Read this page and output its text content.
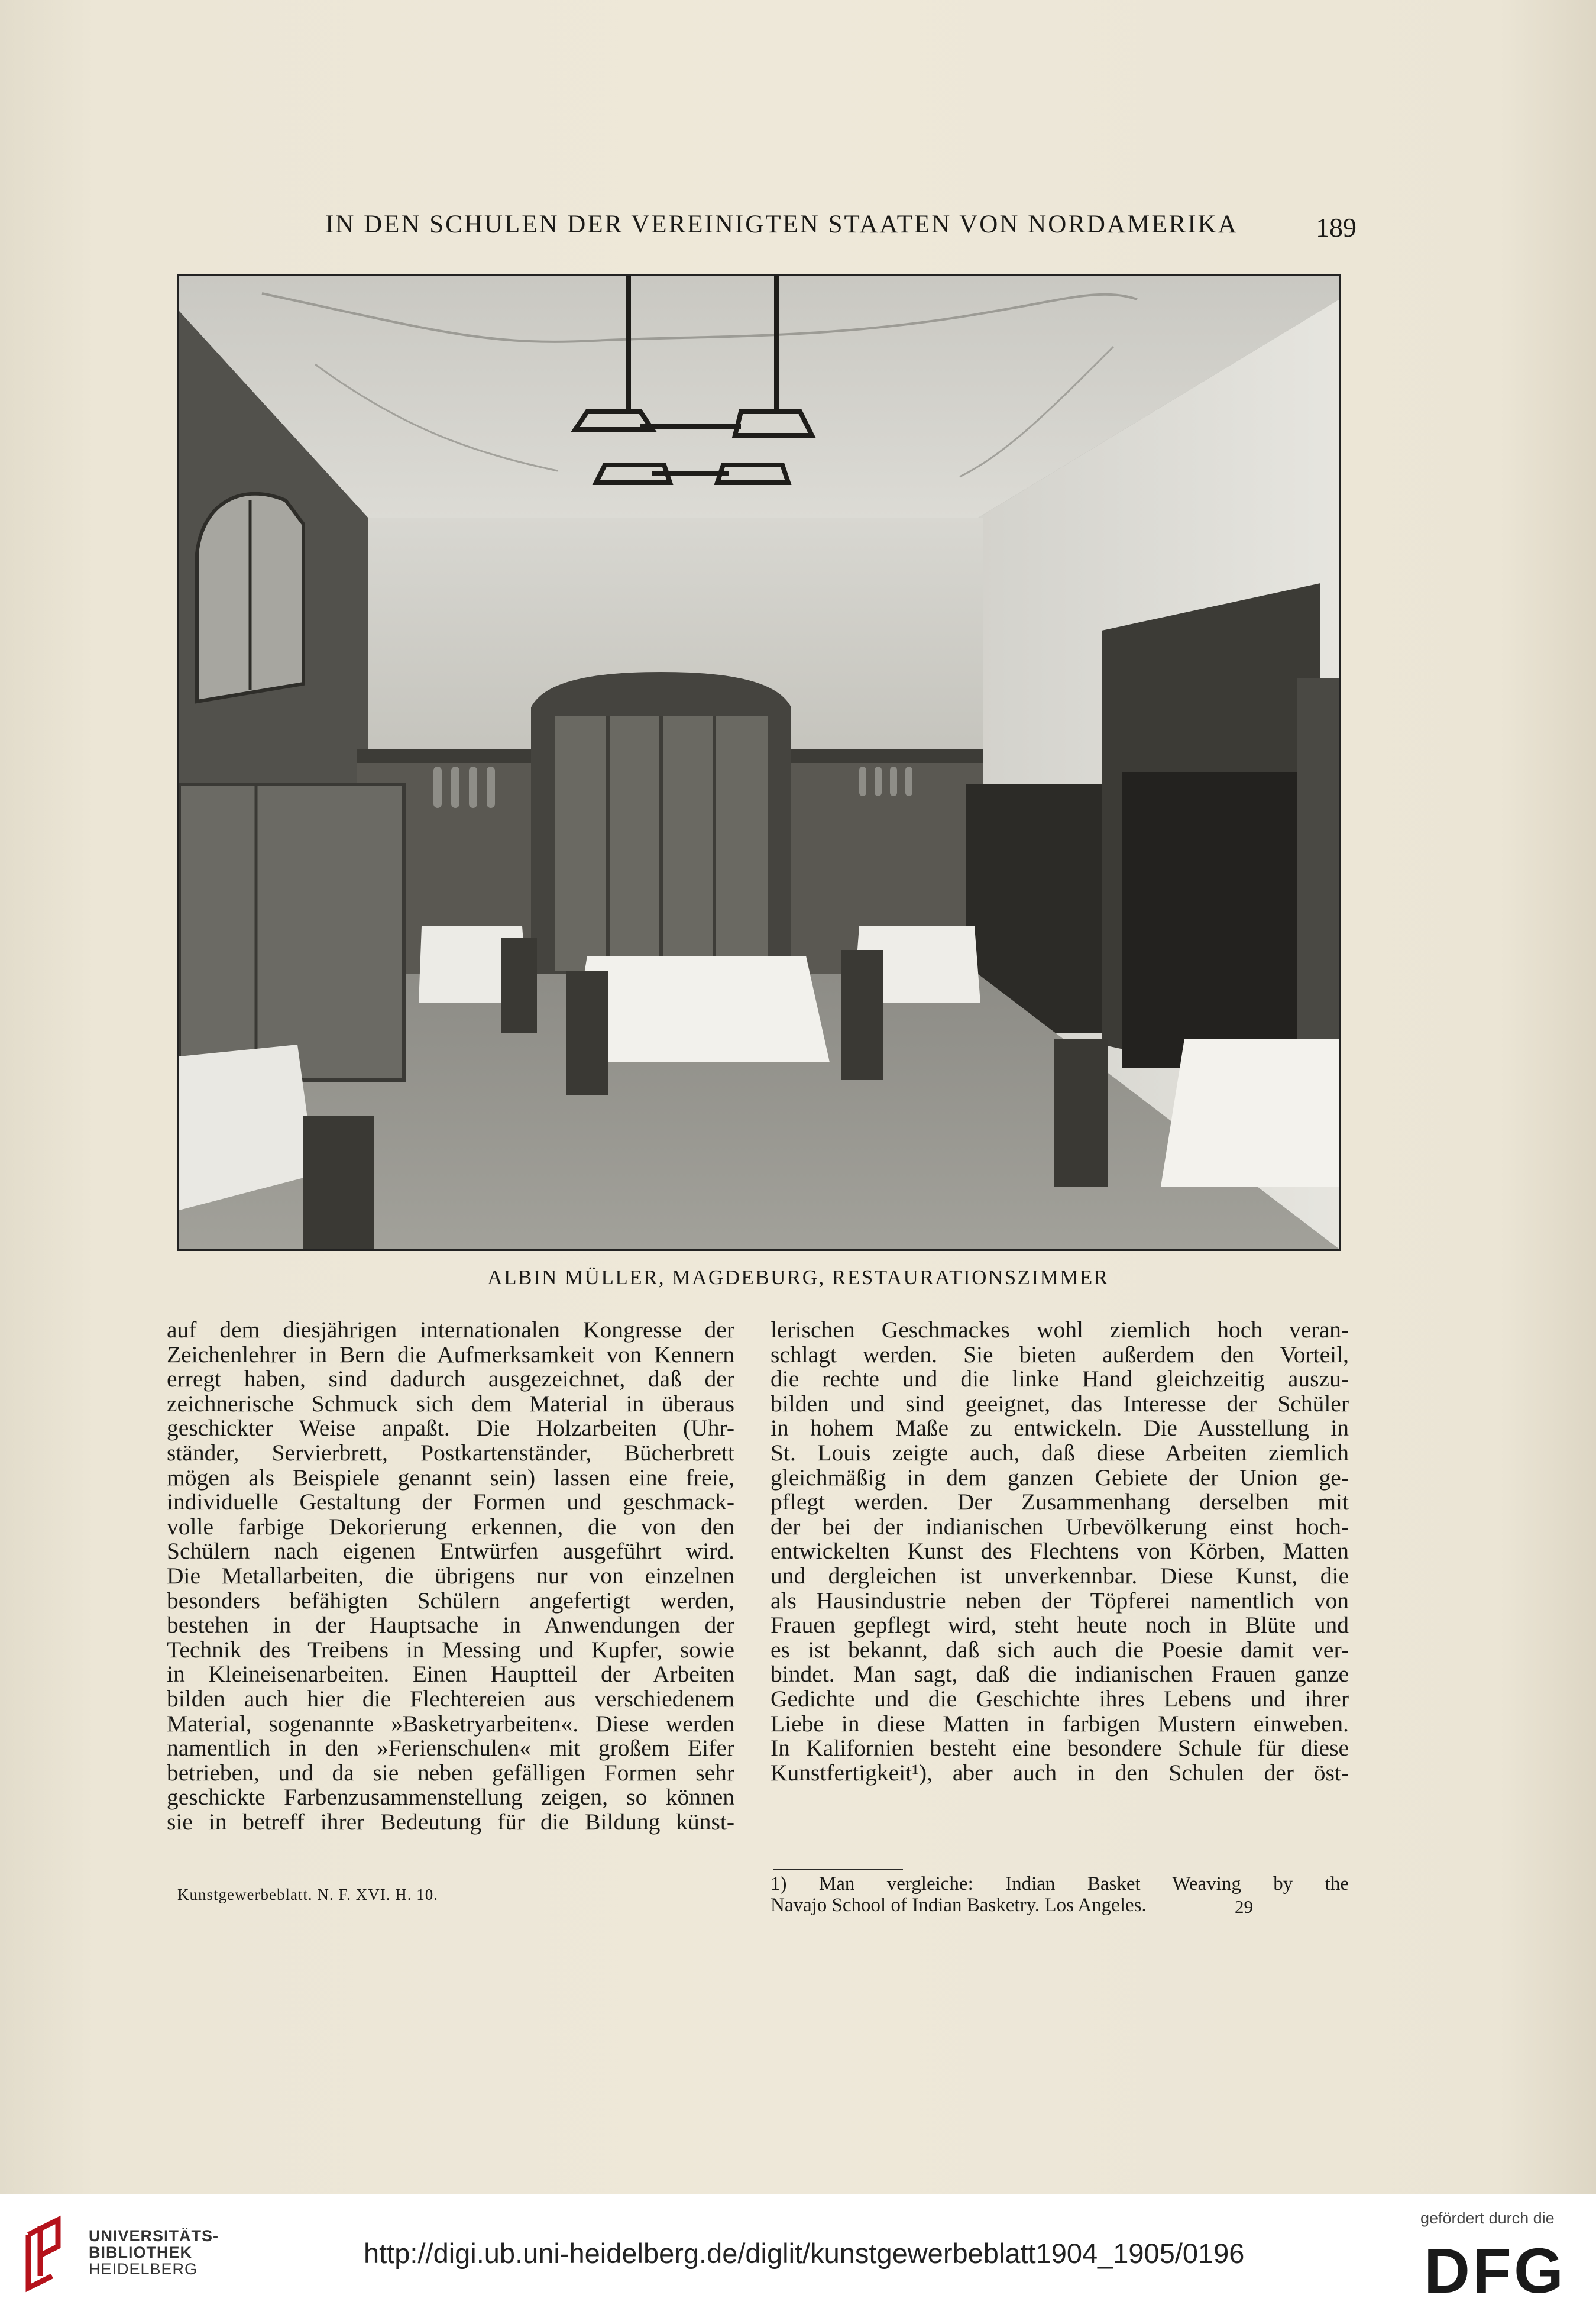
IN DEN SCHULEN DER VEREINIGTEN STAATEN VON NORDAMERIKA	189
ALBIN MÜLLER, MAGDEBURG, RESTAURATIONSZIMMER
auf dem diesjährigen internationalen Kongresse der
Zeichenlehrer in Bern die Aufmerksamkeit von Kennern
erregt haben, sind dadurch ausgezeichnet, daß der
zeichnerische Schmuck sich dem Material in überaus
geschickter Weise anpaßt. Die Holzarbeiten (Uhr-
ständer, Servierbrett, Postkartenständer, Bücherbrett
mögen als Beispiele genannt sein) lassen eine freie,
individuelle Gestaltung der Formen und geschmack-
volle farbige Dekorierung erkennen, die von den
Schülern nach eigenen Entwürfen ausgeführt wird.
Die Metallarbeiten, die übrigens nur von einzelnen
besonders befähigten Schülern angefertigt werden,
bestehen in der Hauptsache in Anwendungen der
Technik des Treibens in Messing und Kupfer, sowie
in Kleineisenarbeiten. Einen Hauptteil der Arbeiten
bilden auch hier die Flechtereien aus verschiedenem
Material, sogenannte »Basketryarbeiten«. Diese werden
namentlich in den »Ferienschulen« mit großem Eifer
betrieben, und da sie neben gefälligen Formen sehr
geschickte Farbenzusammenstellung zeigen, so können
sie in betreff ihrer Bedeutung für die Bildung künst-
lerischen Geschmackes wohl ziemlich hoch veran-
schlagt werden. Sie bieten außerdem den Vorteil,
die rechte und die linke Hand gleichzeitig auszu-
bilden und sind geeignet, das Interesse der Schüler
in hohem Maße zu entwickeln. Die Ausstellung in
St. Louis zeigte auch, daß diese Arbeiten ziemlich
gleichmäßig in dem ganzen Gebiete der Union ge-
pflegt werden. Der Zusammenhang derselben mit
der bei der indianischen Urbevölkerung einst hoch-
entwickelten Kunst des Flechtens von Körben, Matten
und dergleichen ist unverkennbar. Diese Kunst, die
als Hausindustrie neben der Töpferei namentlich von
Frauen gepflegt wird, steht heute noch in Blüte und
es ist bekannt, daß sich auch die Poesie damit ver-
bindet. Man sagt, daß die indianischen Frauen ganze
Gedichte und die Geschichte ihres Lebens und ihrer
Liebe in diese Matten in farbigen Mustern einweben.
In Kalifornien besteht eine besondere Schule für diese
Kunstfertigkeit¹), aber auch in den Schulen der öst-
1) Man vergleiche: Indian Basket Weaving by the
Navajo School of Indian Basketry. Los Angeles.
Kunstgewerbeblatt. N. F. XVI. H. 10.
29
UNIVERSITÄTS-
BIBLIOTHEK
HEIDELBERG	http://digi.ub.uni-heidelberg.de/diglit/kunstgewerbeblatt1904_1905/0196
gefördert durch die
DFG
